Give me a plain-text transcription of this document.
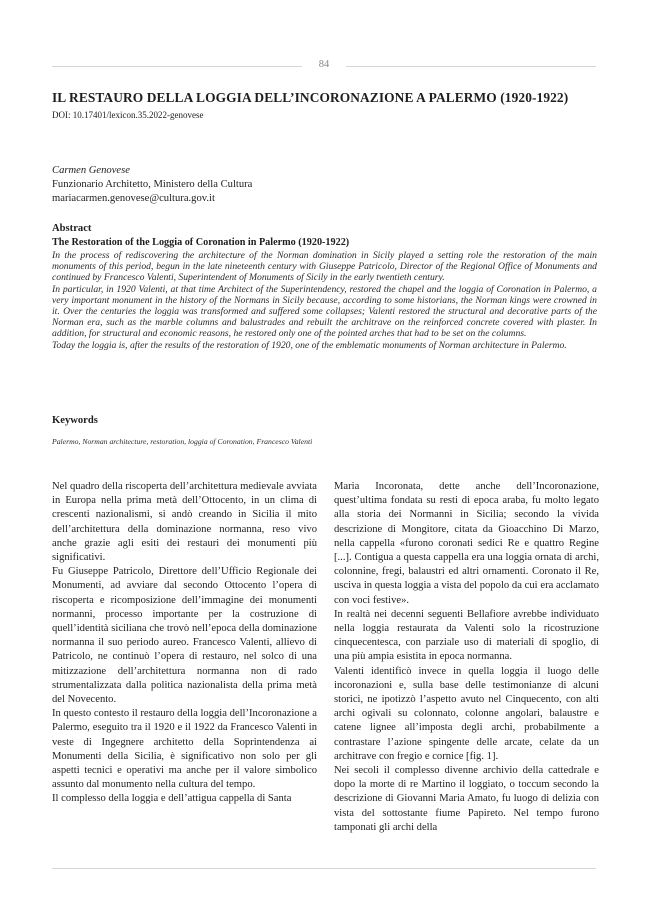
84
IL RESTAURO DELLA LOGGIA DELL’INCORONAZIONE A PALERMO (1920-1922)
DOI: 10.17401/lexicon.35.2022-genovese
Carmen Genovese
Funzionario Architetto, Ministero della Cultura
mariacarmen.genovese@cultura.gov.it
Abstract
The Restoration of the Loggia of Coronation in Palermo (1920-1922)

In the process of rediscovering the architecture of the Norman domination in Sicily played a setting role the restoration of the main monuments of this period, begun in the late nineteenth century with Giuseppe Patricolo, Director of the Regional Office of Monuments and continued by Francesco Valenti, Superintendent of Monuments of Sicily in the early twentieth century.

In particular, in 1920 Valenti, at that time Architect of the Superintendency, restored the chapel and the loggia of Coronation in Palermo, a very important monument in the history of the Normans in Sicily because, according to some historians, the Norman kings were crowned in it. Over the centuries the loggia was transformed and suffered some collapses; Valenti restored the structural and decorative parts of the Norman era, such as the marble columns and balustrades and rebuilt the architrave on the reinforced concrete covered with plaster. In addition, for structural and economic reasons, he restored only one of the pointed arches that had to be set on the columns.

Today the loggia is, after the results of the restoration of 1920, one of the emblematic monuments of Norman architecture in Palermo.

Keywords
Palermo, Norman architecture, restoration, loggia of Coronation, Francesco Valenti

Nel quadro della riscoperta dell’architettura medievale avviata in Europa nella prima metà dell’Ottocento, in un clima di crescenti nazionalismi, si andò creando in Sicilia il mito dell’architettura della dominazione normanna, reso vivo anche grazie agli esiti dei restauri dei monumenti più significativi.

Fu Giuseppe Patricolo, Direttore dell’Ufficio Regionale dei Monumenti, ad avviare dal secondo Ottocento l’opera di riscoperta e ricomposizione dell’immagine dei monumenti normanni, processo importante per la costruzione di quell’identità siciliana che trovò nell’epoca della dominazione normanna il suo periodo aureo. Francesco Valenti, allievo di Patricolo, ne continuò l’opera di restauro, nel solco di una mitizzazione dell’architettura normanna non di rado strumentalizzata dalla politica nazionalista della prima metà del Novecento.

In questo contesto il restauro della loggia dell’Incoronazione a Palermo, eseguito tra il 1920 e il 1922 da Francesco Valenti in veste di Ingegnere architetto della Soprintendenza ai Monumenti della Sicilia, è significativo non solo per gli aspetti tecnici e operativi ma anche per il valore simbolico assunto dal monumento nella cultura del tempo.

Il complesso della loggia e dell’attigua cappella di Santa

Maria Incoronata, dette anche dell’Incoronazione, quest’ultima fondata su resti di epoca araba, fu molto legato alla storia dei Normanni in Sicilia; secondo la vivida descrizione di Mongitore, citata da Gioacchino Di Marzo, nella cappella «furono coronati sedici Re e quattro Regine [...]. Contigua a questa cappella era una loggia ornata di archi, colonnine, fregi, balaustri ed altri ornamenti. Coronato il Re, usciva in questa loggia a vista del popolo da cui era acclamato con voci festive».

In realtà nei decenni seguenti Bellafiore avrebbe individuato nella loggia restaurata da Valenti solo la ricostruzione cinquecentesca, con parziale uso di materiali di spoglio, di una più ampia esistita in epoca normanna.

Valenti identificò invece in quella loggia il luogo delle incoronazioni e, sulla base delle testimonianze di alcuni storici, ne ipotizzò l’aspetto avuto nel Cinquecento, con alti archi ogivali su colonnato, colonne angolari, balaustre e catene lignee all’imposta degli archi, probabilmente a contrastare l’azione spingente delle arcate, celate da un architrave con fregio e cornice [fig. 1].

Nei secoli il complesso divenne archivio della cattedrale e dopo la morte di re Martino il loggiato, o toccum secondo la descrizione di Giovanni Maria Amato, fu luogo di delizia con vista del sottostante fiume Papireto. Nel tempo furono tamponati gli archi della
